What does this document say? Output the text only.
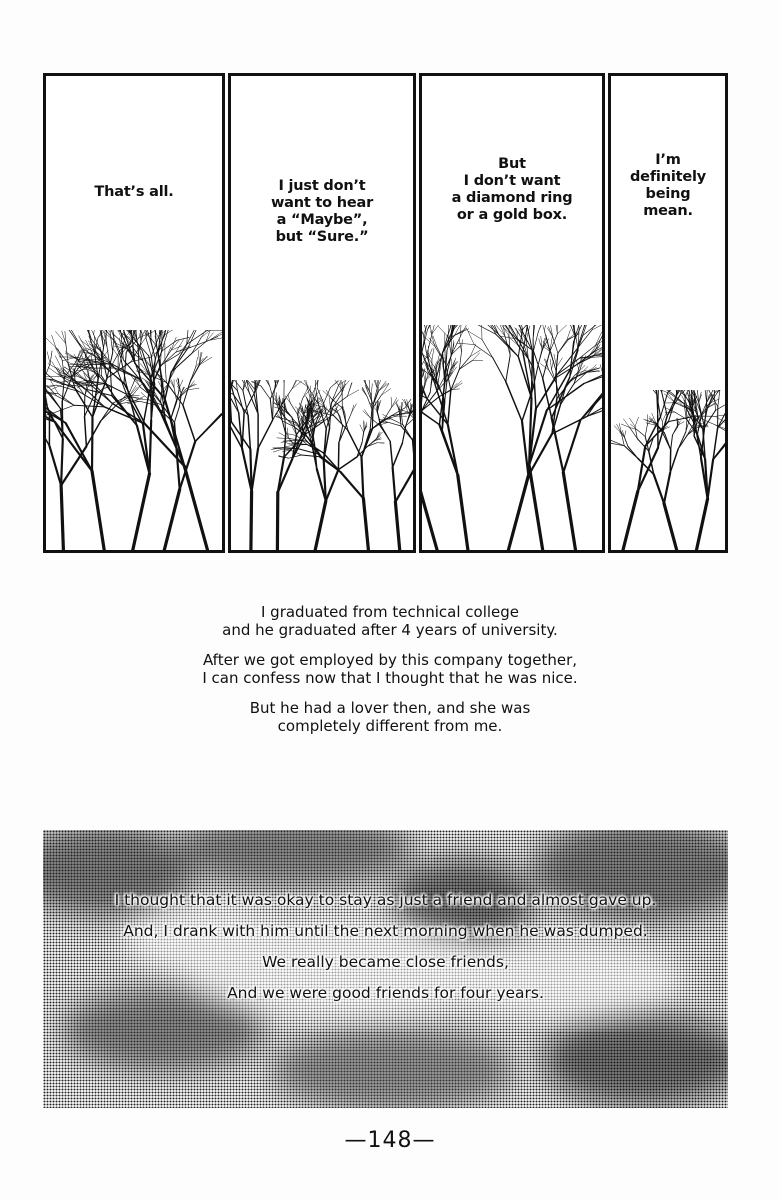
That’s all.	I just don’t
want to hear
a “Maybe”,
but “Sure.”
But
I don’t want
a diamond ring
or a gold box.
I’m
definitely
being
mean.

I graduated from technical college
and he graduated after 4 years of university.

After we got employed by this company together,
I can confess now that I thought that he was nice.

But he had a lover then, and she was
completely different from me.

I thought that it was okay to stay as just a friend and almost gave up.
And, I drank with him until the next morning when he was dumped.
We really became close friends,
And we were good friends for four years.
—148—
